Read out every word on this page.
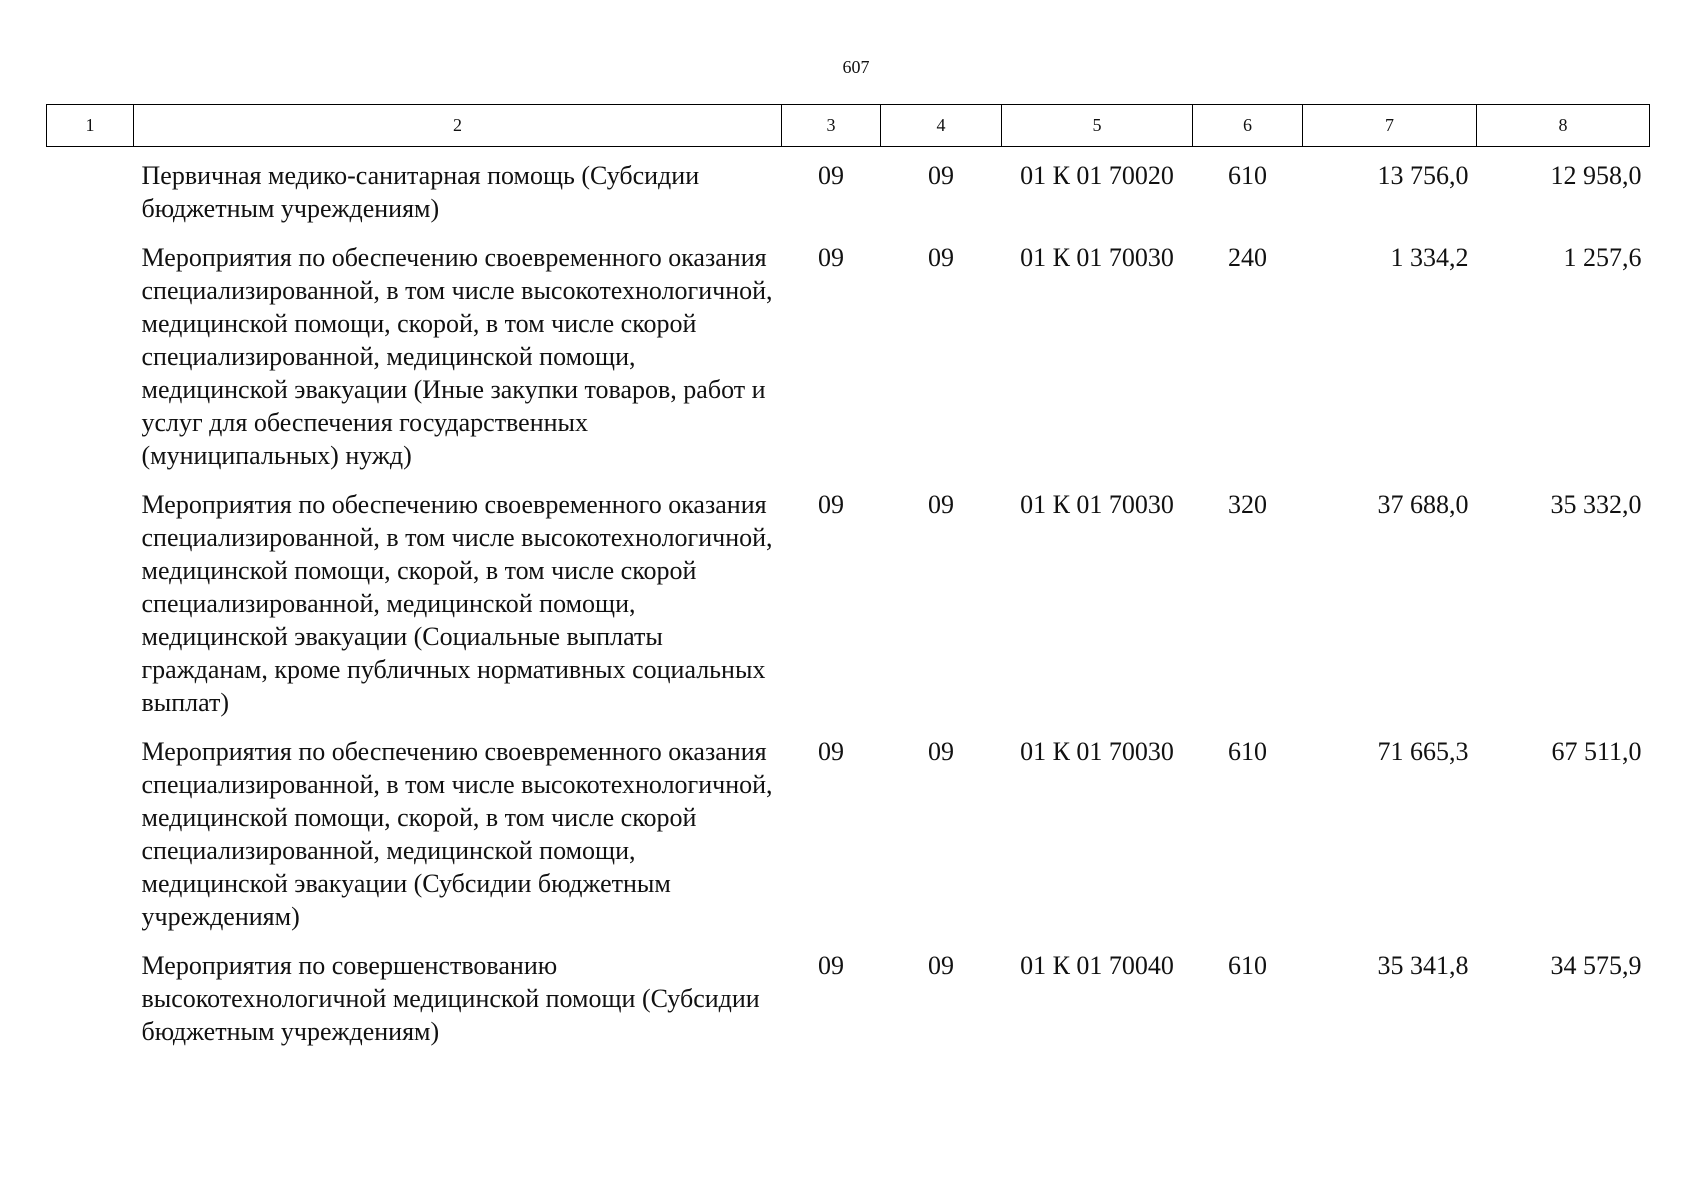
607
1	2	3	4	5	6	7	8
	Первичная медико-санитарная помощь (Субсидии бюджетным учреждениям)	09	09	01 К 01 70020	610	13 756,0	12 958,0
	Мероприятия по обеспечению своевременного оказания специализированной, в том числе высокотехнологичной, медицинской помощи, скорой, в том числе скорой специализированной, медицинской помощи, медицинской эвакуации (Иные закупки товаров, работ и услуг для обеспечения государственных (муниципальных) нужд)	09	09	01 К 01 70030	240	1 334,2	1 257,6
	Мероприятия по обеспечению своевременного оказания специализированной, в том числе высокотехнологичной, медицинской помощи, скорой, в том числе скорой специализированной, медицинской помощи, медицинской эвакуации (Социальные выплаты гражданам, кроме публичных нормативных социальных выплат)	09	09	01 К 01 70030	320	37 688,0	35 332,0
	Мероприятия по обеспечению своевременного оказания специализированной, в том числе высокотехнологичной, медицинской помощи, скорой, в том числе скорой специализированной, медицинской помощи, медицинской эвакуации (Субсидии бюджетным учреждениям)	09	09	01 К 01 70030	610	71 665,3	67 511,0
	Мероприятия по совершенствованию высокотехнологичной медицинской помощи (Субсидии бюджетным учреждениям)	09	09	01 К 01 70040	610	35 341,8	34 575,9
